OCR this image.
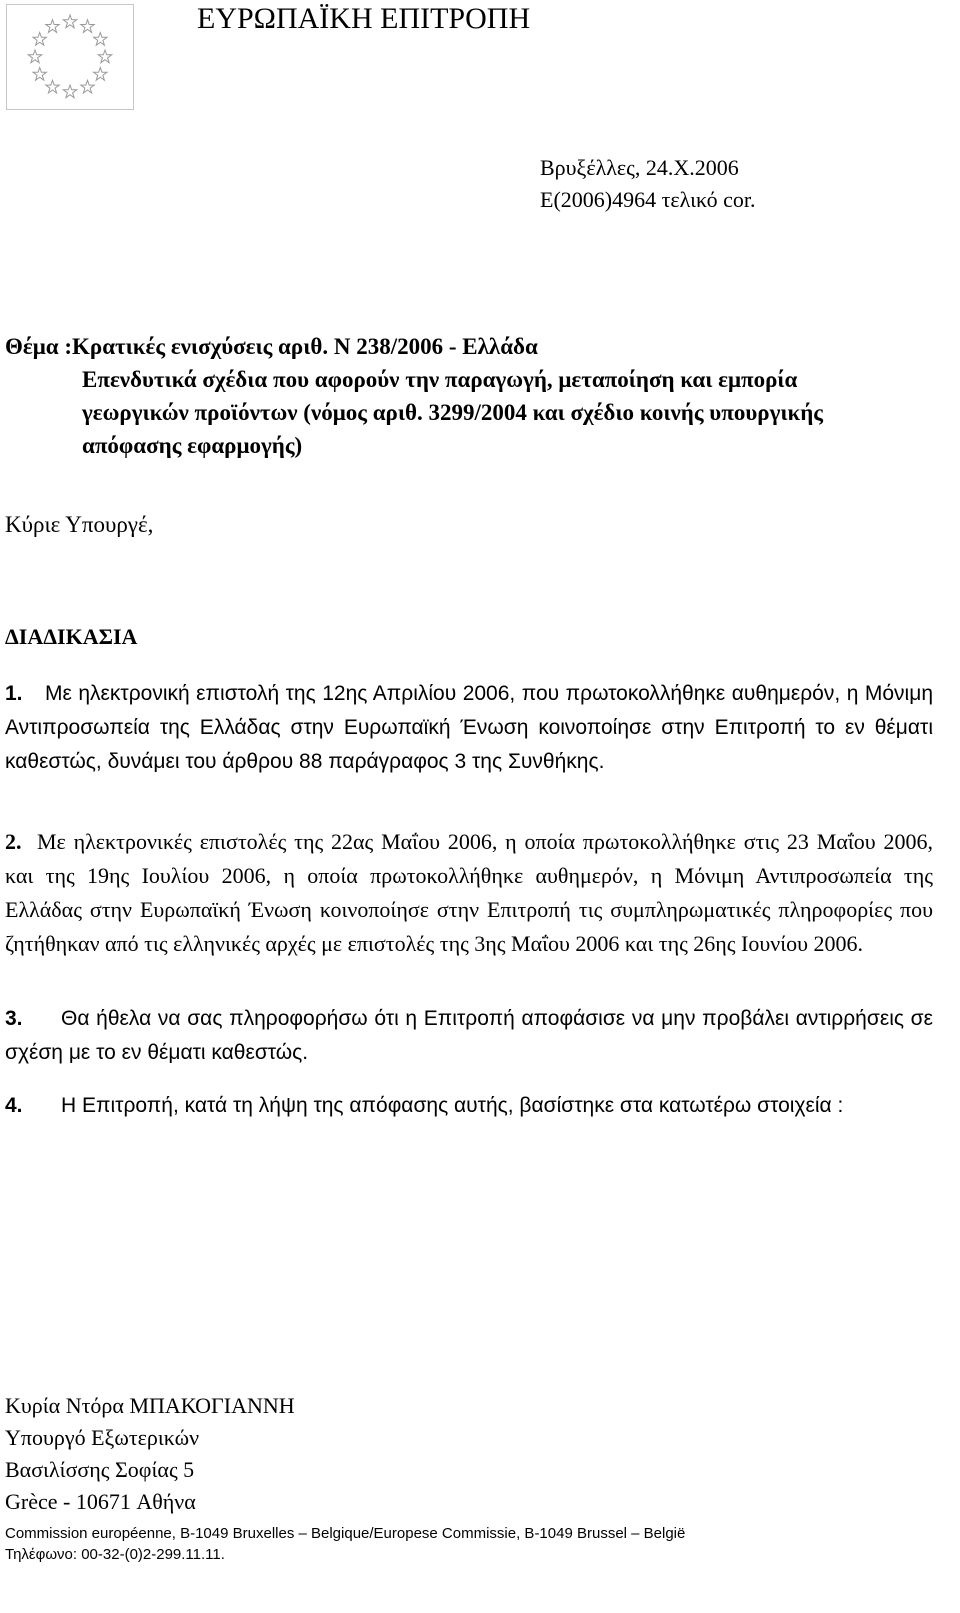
ΕΥΡΩΠΑΪΚΗ ΕΠΙΤΡΟΠΗ
Βρυξέλλες, 24.X.2006
E(2006)4964 τελικό cor.
Θέμα :Κρατικές ενισχύσεις αριθ. Ν 238/2006 - Ελλάδα
Επενδυτικά σχέδια που αφορούν την παραγωγή, μεταποίηση και εμπορία
γεωργικών προϊόντων (νόμος αριθ. 3299/2004 και σχέδιο κοινής υπουργικής
απόφασης εφαρμογής)
Κύριε Υπουργέ,
ΔΙΑΔΙΚΑΣΙΑ
1. Με ηλεκτρονική επιστολή της 12ης Απριλίου 2006, που πρωτοκολλήθηκε αυθημερόν, η Μόνιμη Αντιπροσωπεία της Ελλάδας στην Ευρωπαϊκή Ένωση κοινοποίησε στην Επιτροπή το εν θέματι καθεστώς, δυνάμει του άρθρου 88 παράγραφος 3 της Συνθήκης.
2. Με ηλεκτρονικές επιστολές της 22ας Μαΐου 2006, η οποία πρωτοκολλήθηκε στις 23 Μαΐου 2006, και της 19ης Ιουλίου 2006, η οποία πρωτοκολλήθηκε αυθημερόν, η Μόνιμη Αντιπροσωπεία της Ελλάδας στην Ευρωπαϊκή Ένωση κοινοποίησε στην Επιτροπή τις συμπληρωματικές πληροφορίες που ζητήθηκαν από τις ελληνικές αρχές με επιστολές της 3ης Μαΐου 2006 και της 26ης Ιουνίου 2006.
3. Θα ήθελα να σας πληροφορήσω ότι η Επιτροπή αποφάσισε να μην προβάλει αντιρρήσεις σε σχέση με το εν θέματι καθεστώς.
4. Η Επιτροπή, κατά τη λήψη της απόφασης αυτής, βασίστηκε στα κατωτέρω στοιχεία :
Κυρία Ντόρα ΜΠΑΚΟΓΙΑΝΝΗ
Υπουργό Εξωτερικών
Βασιλίσσης Σοφίας 5
Grèce - 10671 Αθήνα
Commission européenne, B-1049 Bruxelles – Belgique/Europese Commissie, B-1049 Brussel – België
Τηλέφωνο: 00-32-(0)2-299.11.11.
